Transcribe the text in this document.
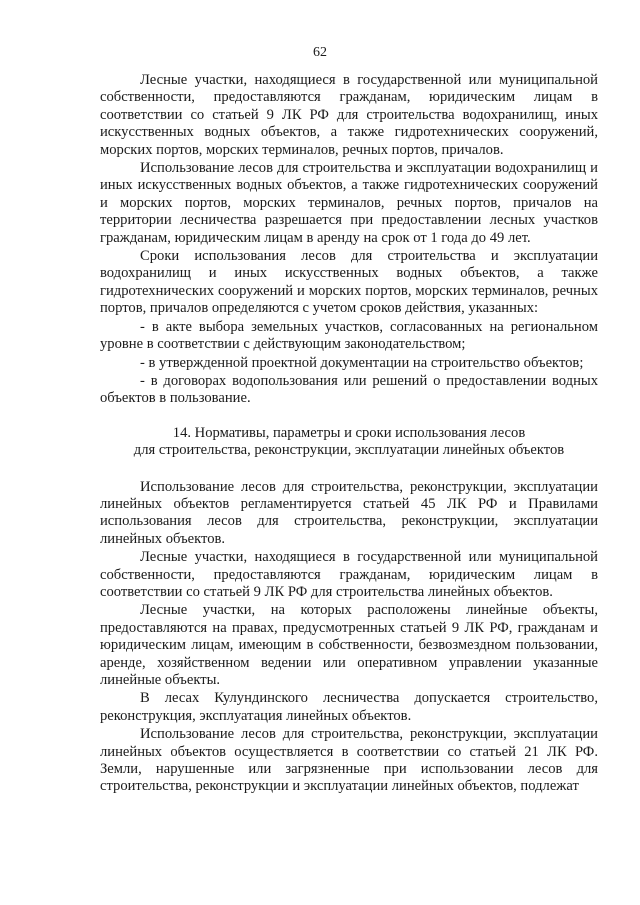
62

Лесные участки, находящиеся в государственной или муниципальной собственности, предоставляются гражданам, юридическим лицам в соответствии со статьей 9 ЛК РФ для строительства водохранилищ, иных искусственных водных объектов, а также гидротехнических сооружений, морских портов, морских терминалов, речных портов, причалов.

Использование лесов для строительства и эксплуатации водохранилищ и иных искусственных водных объектов, а также гидротехнических сооружений и морских портов, морских терминалов, речных портов, причалов на территории лесничества разрешается при предоставлении лесных участков гражданам, юридическим лицам в аренду на срок от 1 года до 49 лет.

Сроки использования лесов для строительства и эксплуатации водохранилищ и иных искусственных водных объектов, а также гидротехнических сооружений и морских портов, морских терминалов, речных портов, причалов определяются с учетом сроков действия, указанных:

- в акте выбора земельных участков, согласованных на региональном уровне в соответствии с действующим законодательством;

- в утвержденной проектной документации на строительство объектов;

- в договорах водопользования или решений о предоставлении водных объектов в пользование.

14. Нормативы, параметры и сроки использования лесов
для строительства, реконструкции, эксплуатации линейных объектов

Использование лесов для строительства, реконструкции, эксплуатации линейных объектов регламентируется статьей 45 ЛК РФ и Правилами использования лесов для строительства, реконструкции, эксплуатации линейных объектов.

Лесные участки, находящиеся в государственной или муниципальной собственности, предоставляются гражданам, юридическим лицам в соответствии со статьей 9 ЛК РФ для строительства линейных объектов.

Лесные участки, на которых расположены линейные объекты, предоставляются на правах, предусмотренных статьей 9 ЛК РФ, гражданам и юридическим лицам, имеющим в собственности, безвозмездном пользовании, аренде, хозяйственном ведении или оперативном управлении указанные линейные объекты.

В лесах Кулундинского лесничества допускается строительство, реконструкция, эксплуатация линейных объектов.

Использование лесов для строительства, реконструкции, эксплуатации линейных объектов осуществляется в соответствии со статьей 21 ЛК РФ. Земли, нарушенные или загрязненные при использовании лесов для строительства, реконструкции и эксплуатации линейных объектов, подлежат
